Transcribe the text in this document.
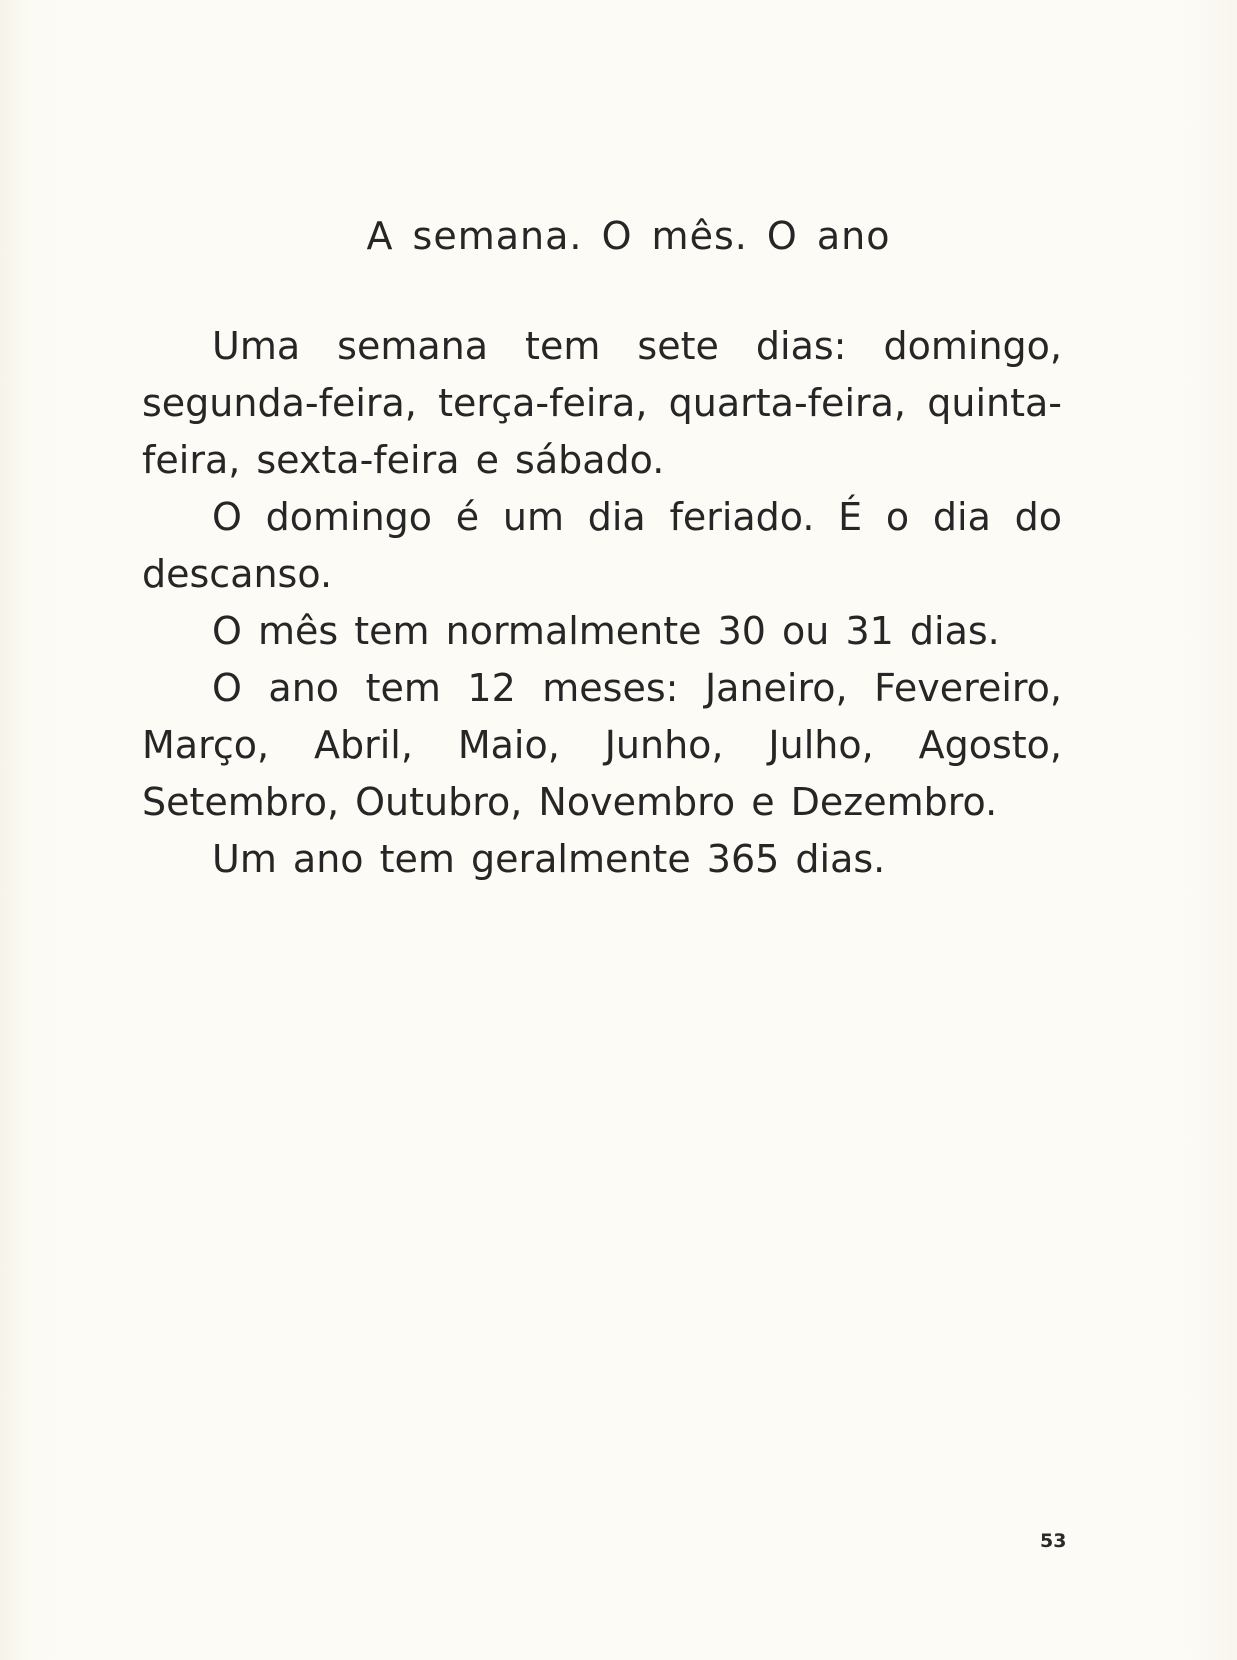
A semana. O mês. O ano

Uma semana tem sete dias: domingo, segunda-feira, terça-feira, quarta-feira, quinta-feira, sexta-feira e sábado.

O domingo é um dia feriado. É o dia do descanso.

O mês tem normalmente 30 ou 31 dias.

O ano tem 12 meses: Janeiro, Fevereiro, Março, Abril, Maio, Junho, Julho, Agosto, Setembro, Outubro, Novembro e Dezembro.

Um ano tem geralmente 365 dias.

53
